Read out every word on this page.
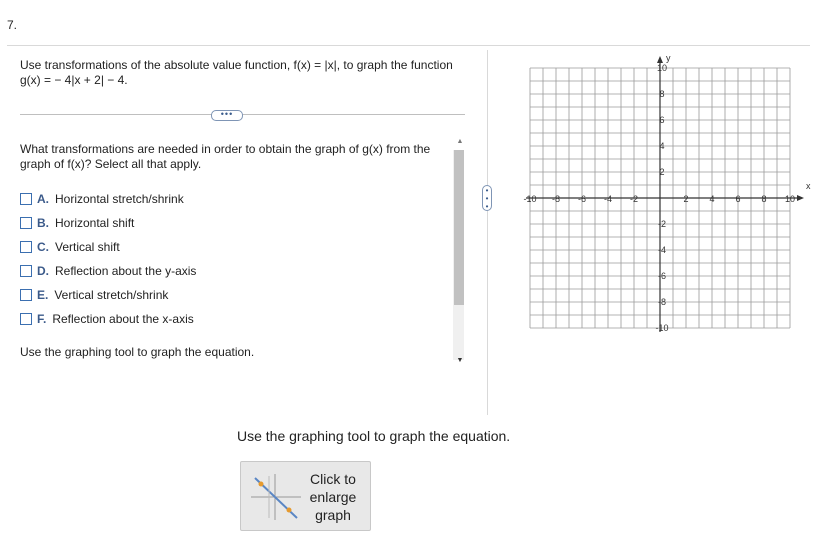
7.
Use transformations of the absolute value function, f(x) = |x|, to graph the function
g(x) = − 4|x + 2| − 4.
•••
What transformations are needed in order to obtain the graph of g(x) from the
graph of f(x)? Select all that apply.
A. Horizontal stretch/shrink
B. Horizontal shift
C. Vertical shift
D. Reflection about the y-axis
E. Vertical stretch/shrink
F. Reflection about the x-axis
Use the graphing tool to graph the equation.
▲
▼
•
•
•
x
y
-10 -8 -6 -4 -2	2 4 6 8 10
10
8
6
4
2
-2
-4
-6
-8
-10
Use the graphing tool to graph the equation.
Click to
enlarge
graph
